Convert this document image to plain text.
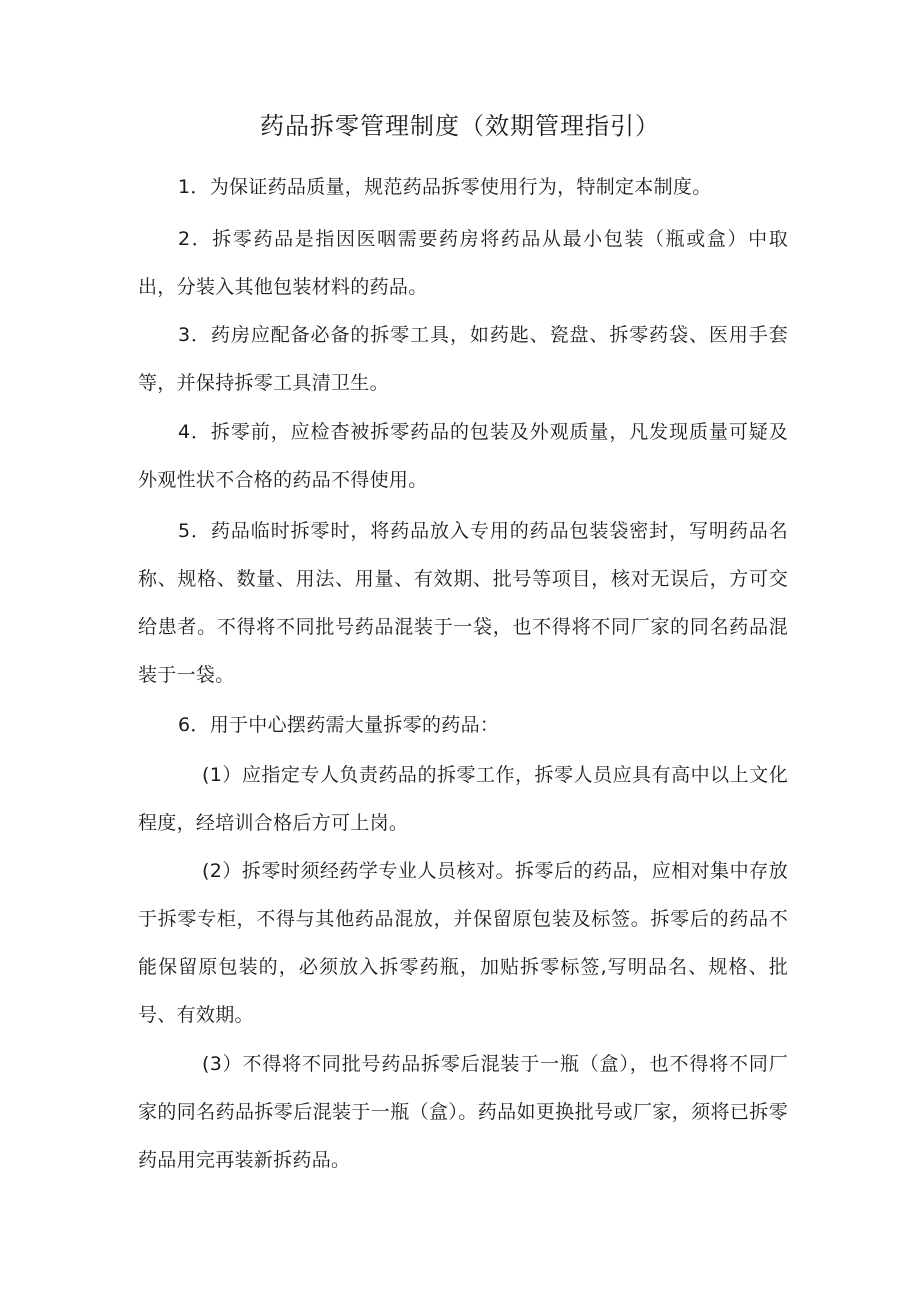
药品拆零管理制度（效期管理指引）

1．为保证药品质量，规范药品拆零使用行为，特制定本制度。

2．拆零药品是指因医咽需要药房将药品从最小包装（瓶或盒）中取出，分装入其他包装材料的药品。

3．药房应配备必备的拆零工具，如药匙、瓷盘、拆零药袋、医用手套等，并保持拆零工具清卫生。

4．拆零前，应检杳被拆零药品的包装及外观质量，凡发现质量可疑及外观性状不合格的药品不得使用。

5．药品临时拆零时，将药品放入专用的药品包装袋密封，写明药品名称、规格、数量、用法、用量、有效期、批号等项目，核对无误后，方可交给患者。不得将不同批号药品混装于一袋，也不得将不同厂家的同名药品混装于一袋。

6．用于中心摆药需大量拆零的药品：

(1）应指定专人负责药品的拆零工作，拆零人员应具有高中以上文化程度，经培训合格后方可上岗。

(2）拆零时须经药学专业人员核对。拆零后的药品，应相对集中存放于拆零专柜，不得与其他药品混放，并保留原包装及标签。拆零后的药品不能保留原包装的，必须放入拆零药瓶，加贴拆零标签,写明品名、规格、批号、有效期。

(3）不得将不同批号药品拆零后混装于一瓶（盒），也不得将不同厂家的同名药品拆零后混装于一瓶（盒）。药品如更换批号或厂家，须将已拆零药品用完再装新拆药品。
